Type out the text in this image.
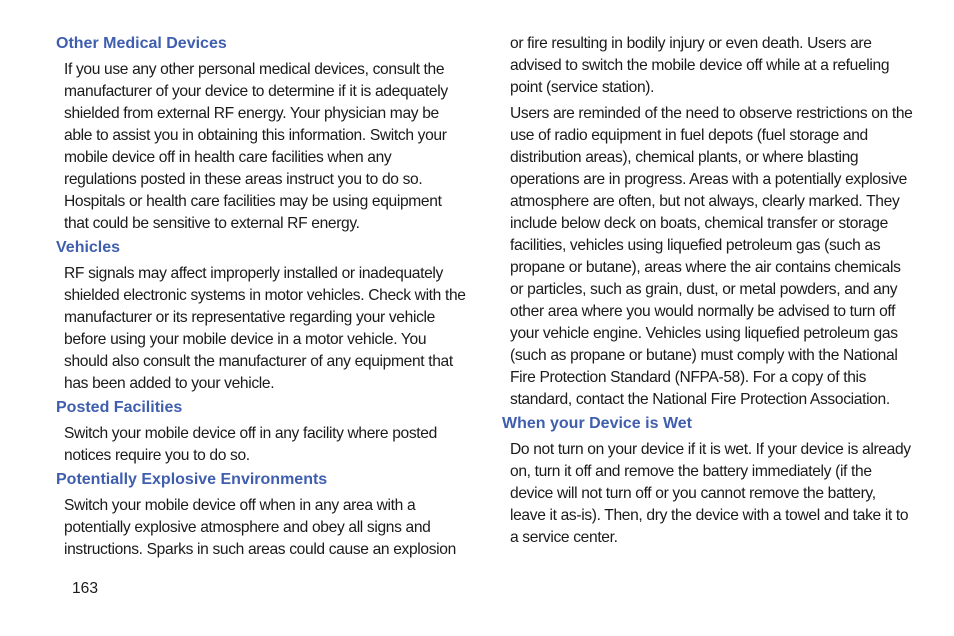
Other Medical Devices

If you use any other personal medical devices, consult the manufacturer of your device to determine if it is adequately shielded from external RF energy. Your physician may be able to assist you in obtaining this information. Switch your mobile device off in health care facilities when any regulations posted in these areas instruct you to do so. Hospitals or health care facilities may be using equipment that could be sensitive to external RF energy.

Vehicles

RF signals may affect improperly installed or inadequately shielded electronic systems in motor vehicles. Check with the manufacturer or its representative regarding your vehicle before using your mobile device in a motor vehicle. You should also consult the manufacturer of any equipment that has been added to your vehicle.

Posted Facilities

Switch your mobile device off in any facility where posted notices require you to do so.

Potentially Explosive Environments

Switch your mobile device off when in any area with a potentially explosive atmosphere and obey all signs and instructions. Sparks in such areas could cause an explosion

or fire resulting in bodily injury or even death. Users are advised to switch the mobile device off while at a refueling point (service station).

Users are reminded of the need to observe restrictions on the use of radio equipment in fuel depots (fuel storage and distribution areas), chemical plants, or where blasting operations are in progress. Areas with a potentially explosive atmosphere are often, but not always, clearly marked. They include below deck on boats, chemical transfer or storage facilities, vehicles using liquefied petroleum gas (such as propane or butane), areas where the air contains chemicals or particles, such as grain, dust, or metal powders, and any other area where you would normally be advised to turn off your vehicle engine. Vehicles using liquefied petroleum gas (such as propane or butane) must comply with the National Fire Protection Standard (NFPA-58). For a copy of this standard, contact the National Fire Protection Association.

When your Device is Wet

Do not turn on your device if it is wet. If your device is already on, turn it off and remove the battery immediately (if the device will not turn off or you cannot remove the battery, leave it as-is). Then, dry the device with a towel and take it to a service center.

163
